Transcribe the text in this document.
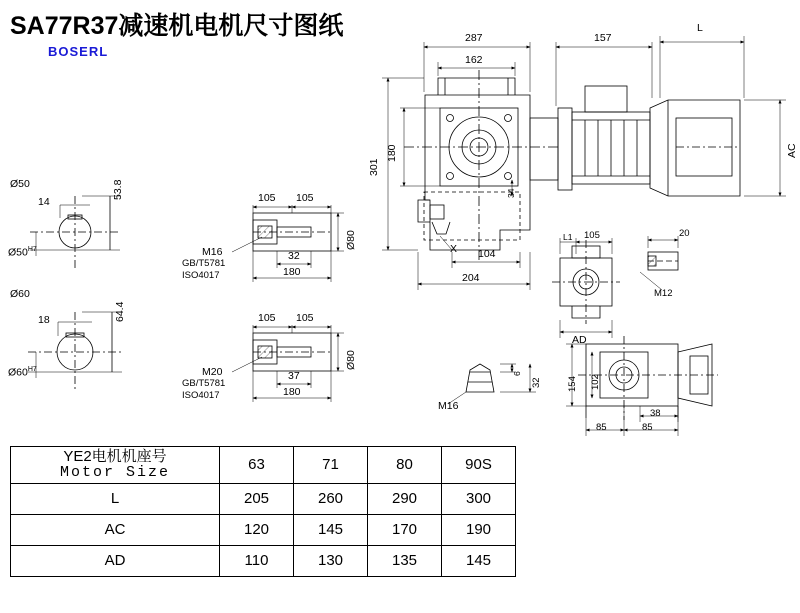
SA77R37减速机电机尺寸图纸
BOSERL
Ø50
14
53.8
$Ø50^{H7}$
Ø60
18	64.4
$Ø60^{H7}$
105 105
M16
GB/T5781
ISO4017
32
180
Ø80
105 105
M20
GB/T5781
ISO4017
37
180
Ø80
287	157
L
162
301
180
34
204
104
X
AC
L1 105	20
M12
AD
M16
6
32	154 102
38
85	85
YE2电机机座号
Motor Size	63	71	80	90S
L	205	260	290	300
AC	120	145	170	190
AD	110	130	135	145
